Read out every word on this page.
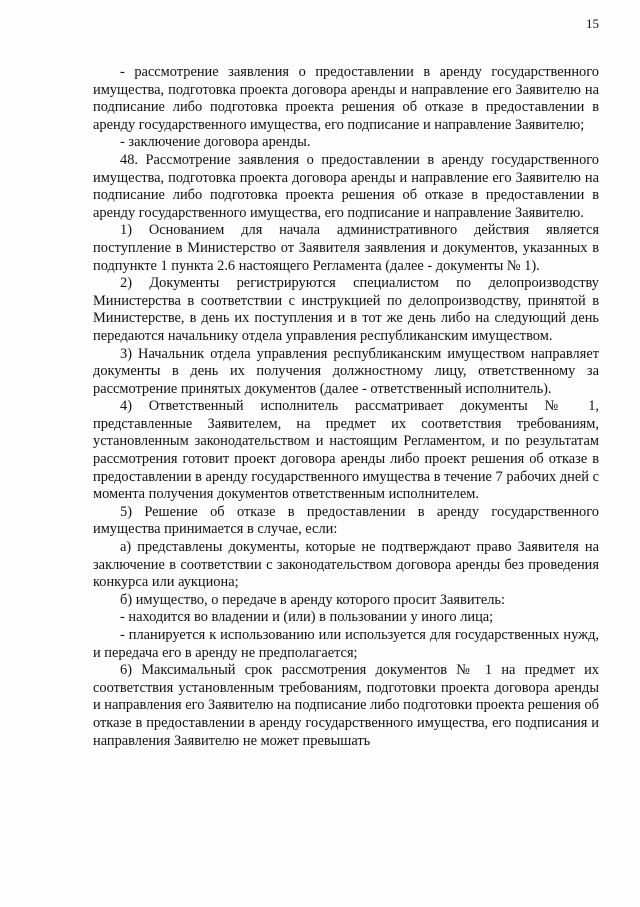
15

- рассмотрение заявления о предоставлении в аренду государственного имущества, подготовка проекта договора аренды и направление его Заявителю на подписание либо подготовка проекта решения об отказе в предоставлении в аренду государственного имущества, его подписание и направление Заявителю;

- заключение договора аренды.

48. Рассмотрение заявления о предоставлении в аренду государственного имущества, подготовка проекта договора аренды и направление его Заявителю на подписание либо подготовка проекта решения об отказе в предоставлении в аренду государственного имущества, его подписание и направление Заявителю.

1) Основанием для начала административного действия является поступление в Министерство от Заявителя заявления и документов, указанных в подпункте 1 пункта 2.6 настоящего Регламента (далее - документы № 1).

2) Документы регистрируются специалистом по делопроизводству Министерства в соответствии с инструкцией по делопроизводству, принятой в Министерстве, в день их поступления и в тот же день либо на следующий день передаются начальнику отдела управления республиканским имуществом.

3) Начальник отдела управления республиканским имуществом направляет документы в день их получения должностному лицу, ответственному за рассмотрение принятых документов (далее - ответственный исполнитель).

4) Ответственный исполнитель рассматривает документы № 1, представленные Заявителем, на предмет их соответствия требованиям, установленным законодательством и настоящим Регламентом, и по результатам рассмотрения готовит проект договора аренды либо проект решения об отказе в предоставлении в аренду государственного имущества в течение 7 рабочих дней с момента получения документов ответственным исполнителем.

5) Решение об отказе в предоставлении в аренду государственного имущества принимается в случае, если:

а) представлены документы, которые не подтверждают право Заявителя на заключение в соответствии с законодательством договора аренды без проведения конкурса или аукциона;

б) имущество, о передаче в аренду которого просит Заявитель:

- находится во владении и (или) в пользовании у иного лица;

- планируется к использованию или используется для государственных нужд, и передача его в аренду не предполагается;

6) Максимальный срок рассмотрения документов № 1 на предмет их соответствия установленным требованиям, подготовки проекта договора аренды и направления его Заявителю на подписание либо подготовки проекта решения об отказе в предоставлении в аренду государственного имущества, его подписания и направления Заявителю не может превышать
